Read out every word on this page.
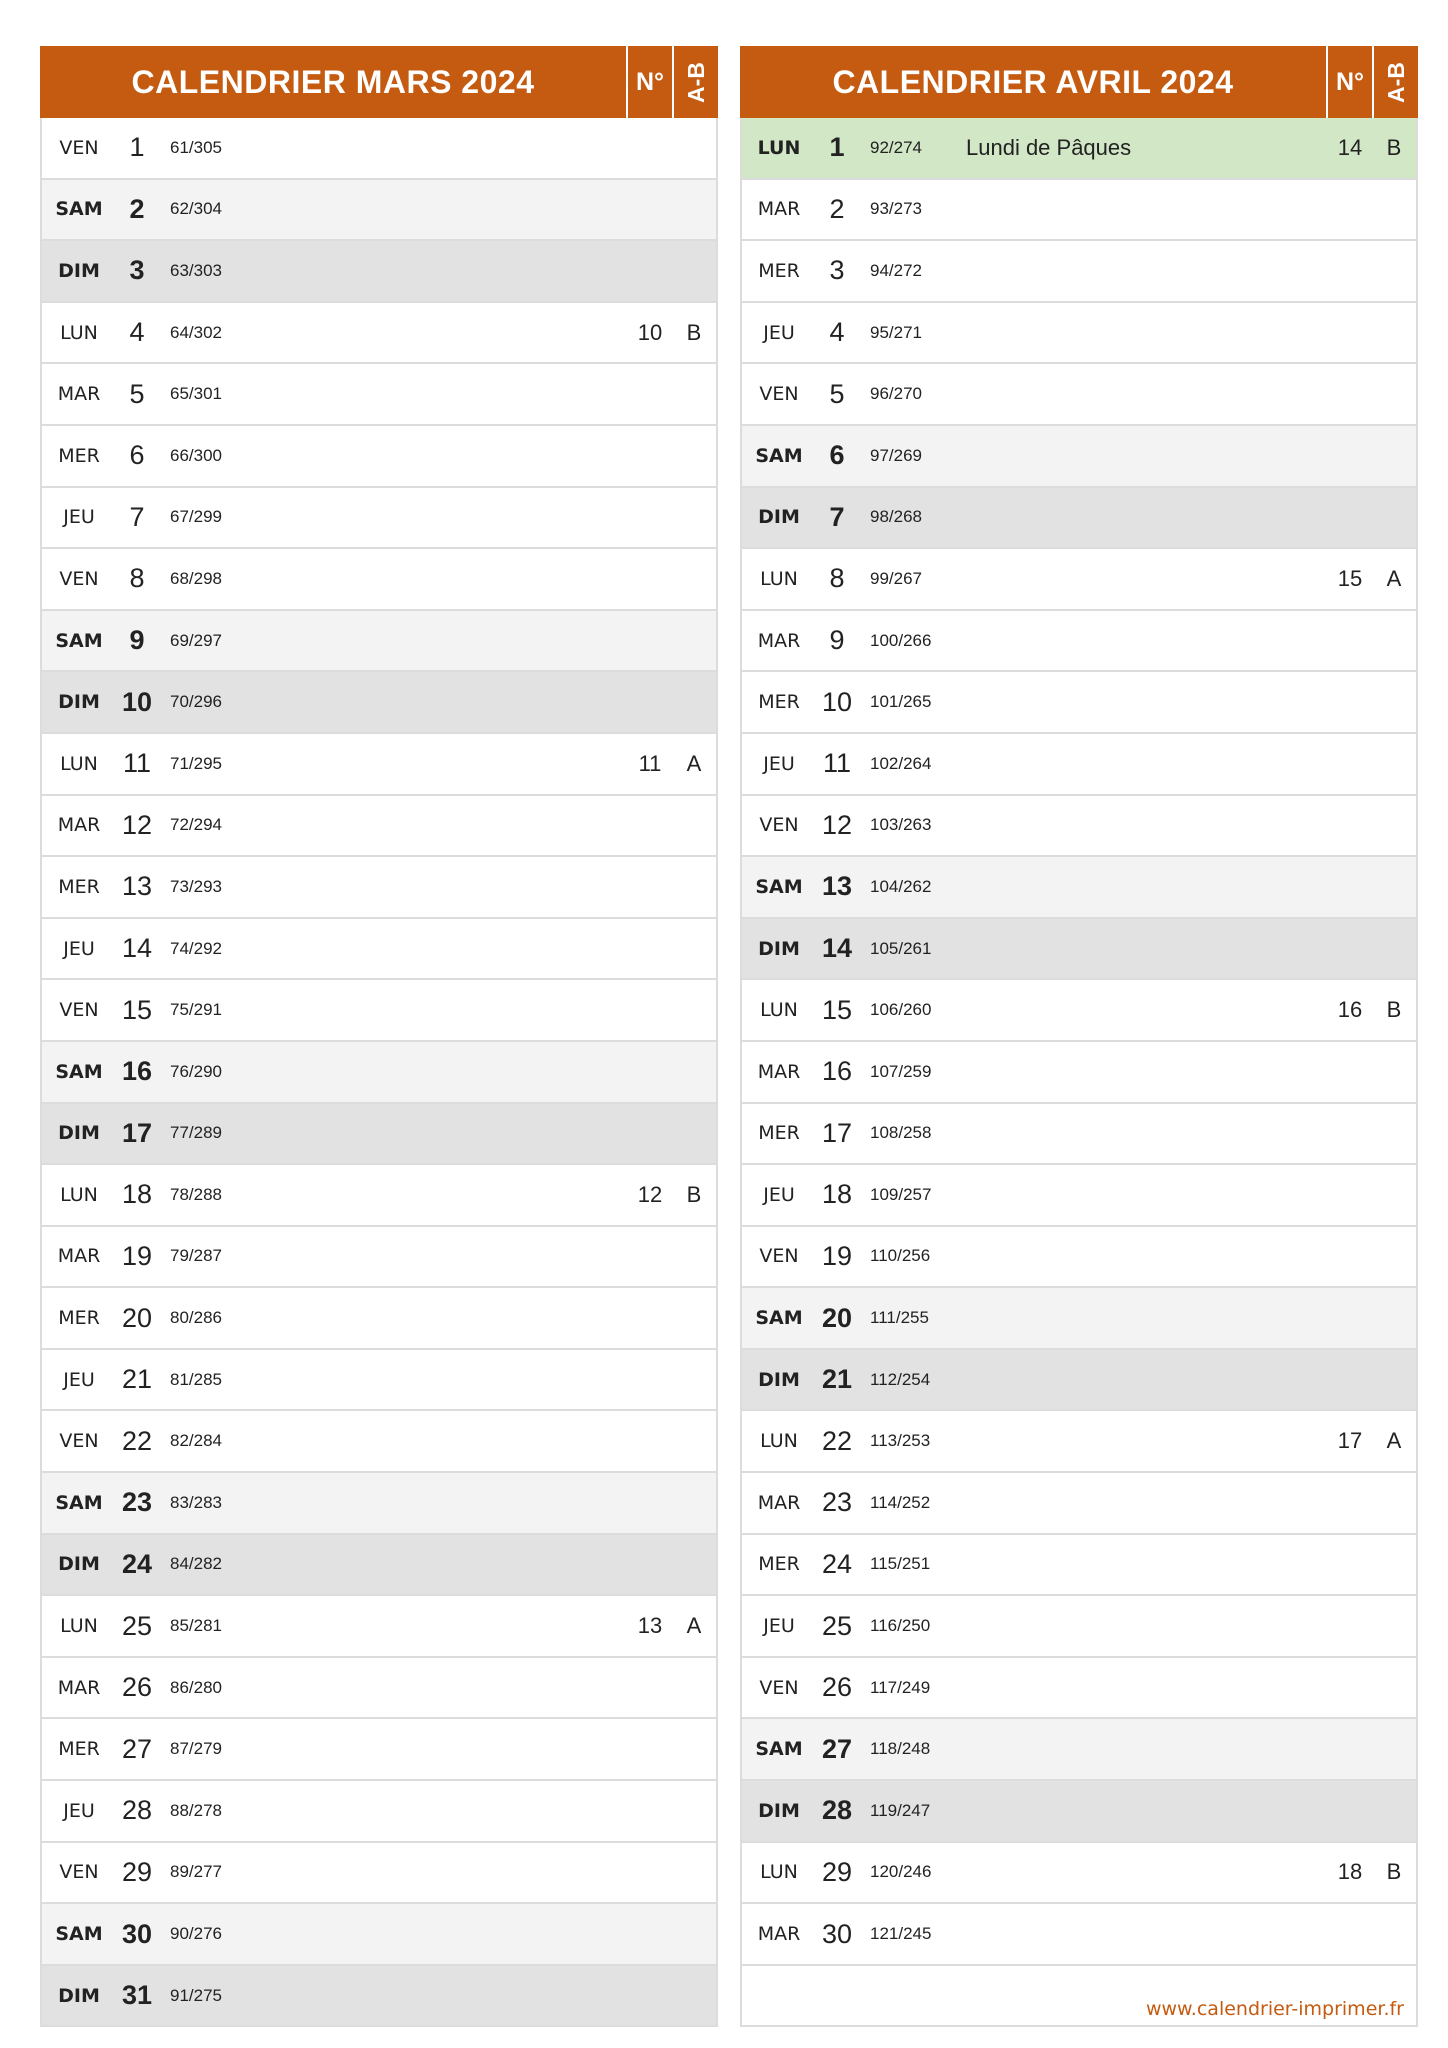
CALENDRIER MARS 2024	N° A-B
VEN	1	61/305
SAM 2	62/304
DIM	3	63/303
LUN	4	64/302	10	B
MAR	5	65/301
MER	6	66/300
JEU	7	67/299
VEN	8	68/298
SAM 9	69/297
DIM 10	70/296
LUN 11	71/295	11	A
MAR 12	72/294
MER 13	73/293
JEU	14	74/292
VEN 15	75/291
SAM 16	76/290
DIM 17	77/289
LUN 18	78/288	12	B
MAR 19	79/287
MER 20	80/286
JEU	21	81/285
VEN 22	82/284
SAM 23	83/283
DIM 24	84/282
LUN 25	85/281	13	A
MAR 26	86/280
MER 27	87/279
JEU	28	88/278
VEN 29	89/277
SAM 30	90/276
DIM 31	91/275
CALENDRIER AVRIL 2024	N° A-B
LUN	1	92/274	Lundi de Pâques	14	B
MAR	2	93/273
MER	3	94/272
JEU	4	95/271
VEN	5	96/270
SAM 6	97/269
DIM	7	98/268
LUN	8	99/267	15	A
MAR	9	100/266
MER 10	101/265
JEU	11	102/264
VEN 12	103/263
SAM 13	104/262
DIM 14	105/261
LUN 15	106/260	16	B
MAR 16	107/259
MER 17	108/258
JEU	18	109/257
VEN 19	110/256
SAM 20	111/255
DIM 21	112/254
LUN 22	113/253	17	A
MAR 23	114/252
MER 24	115/251
JEU	25	116/250
VEN 26	117/249
SAM 27	118/248
DIM 28	119/247
LUN 29	120/246	18	B
MAR 30	121/245
www.calendrier-imprimer.fr
